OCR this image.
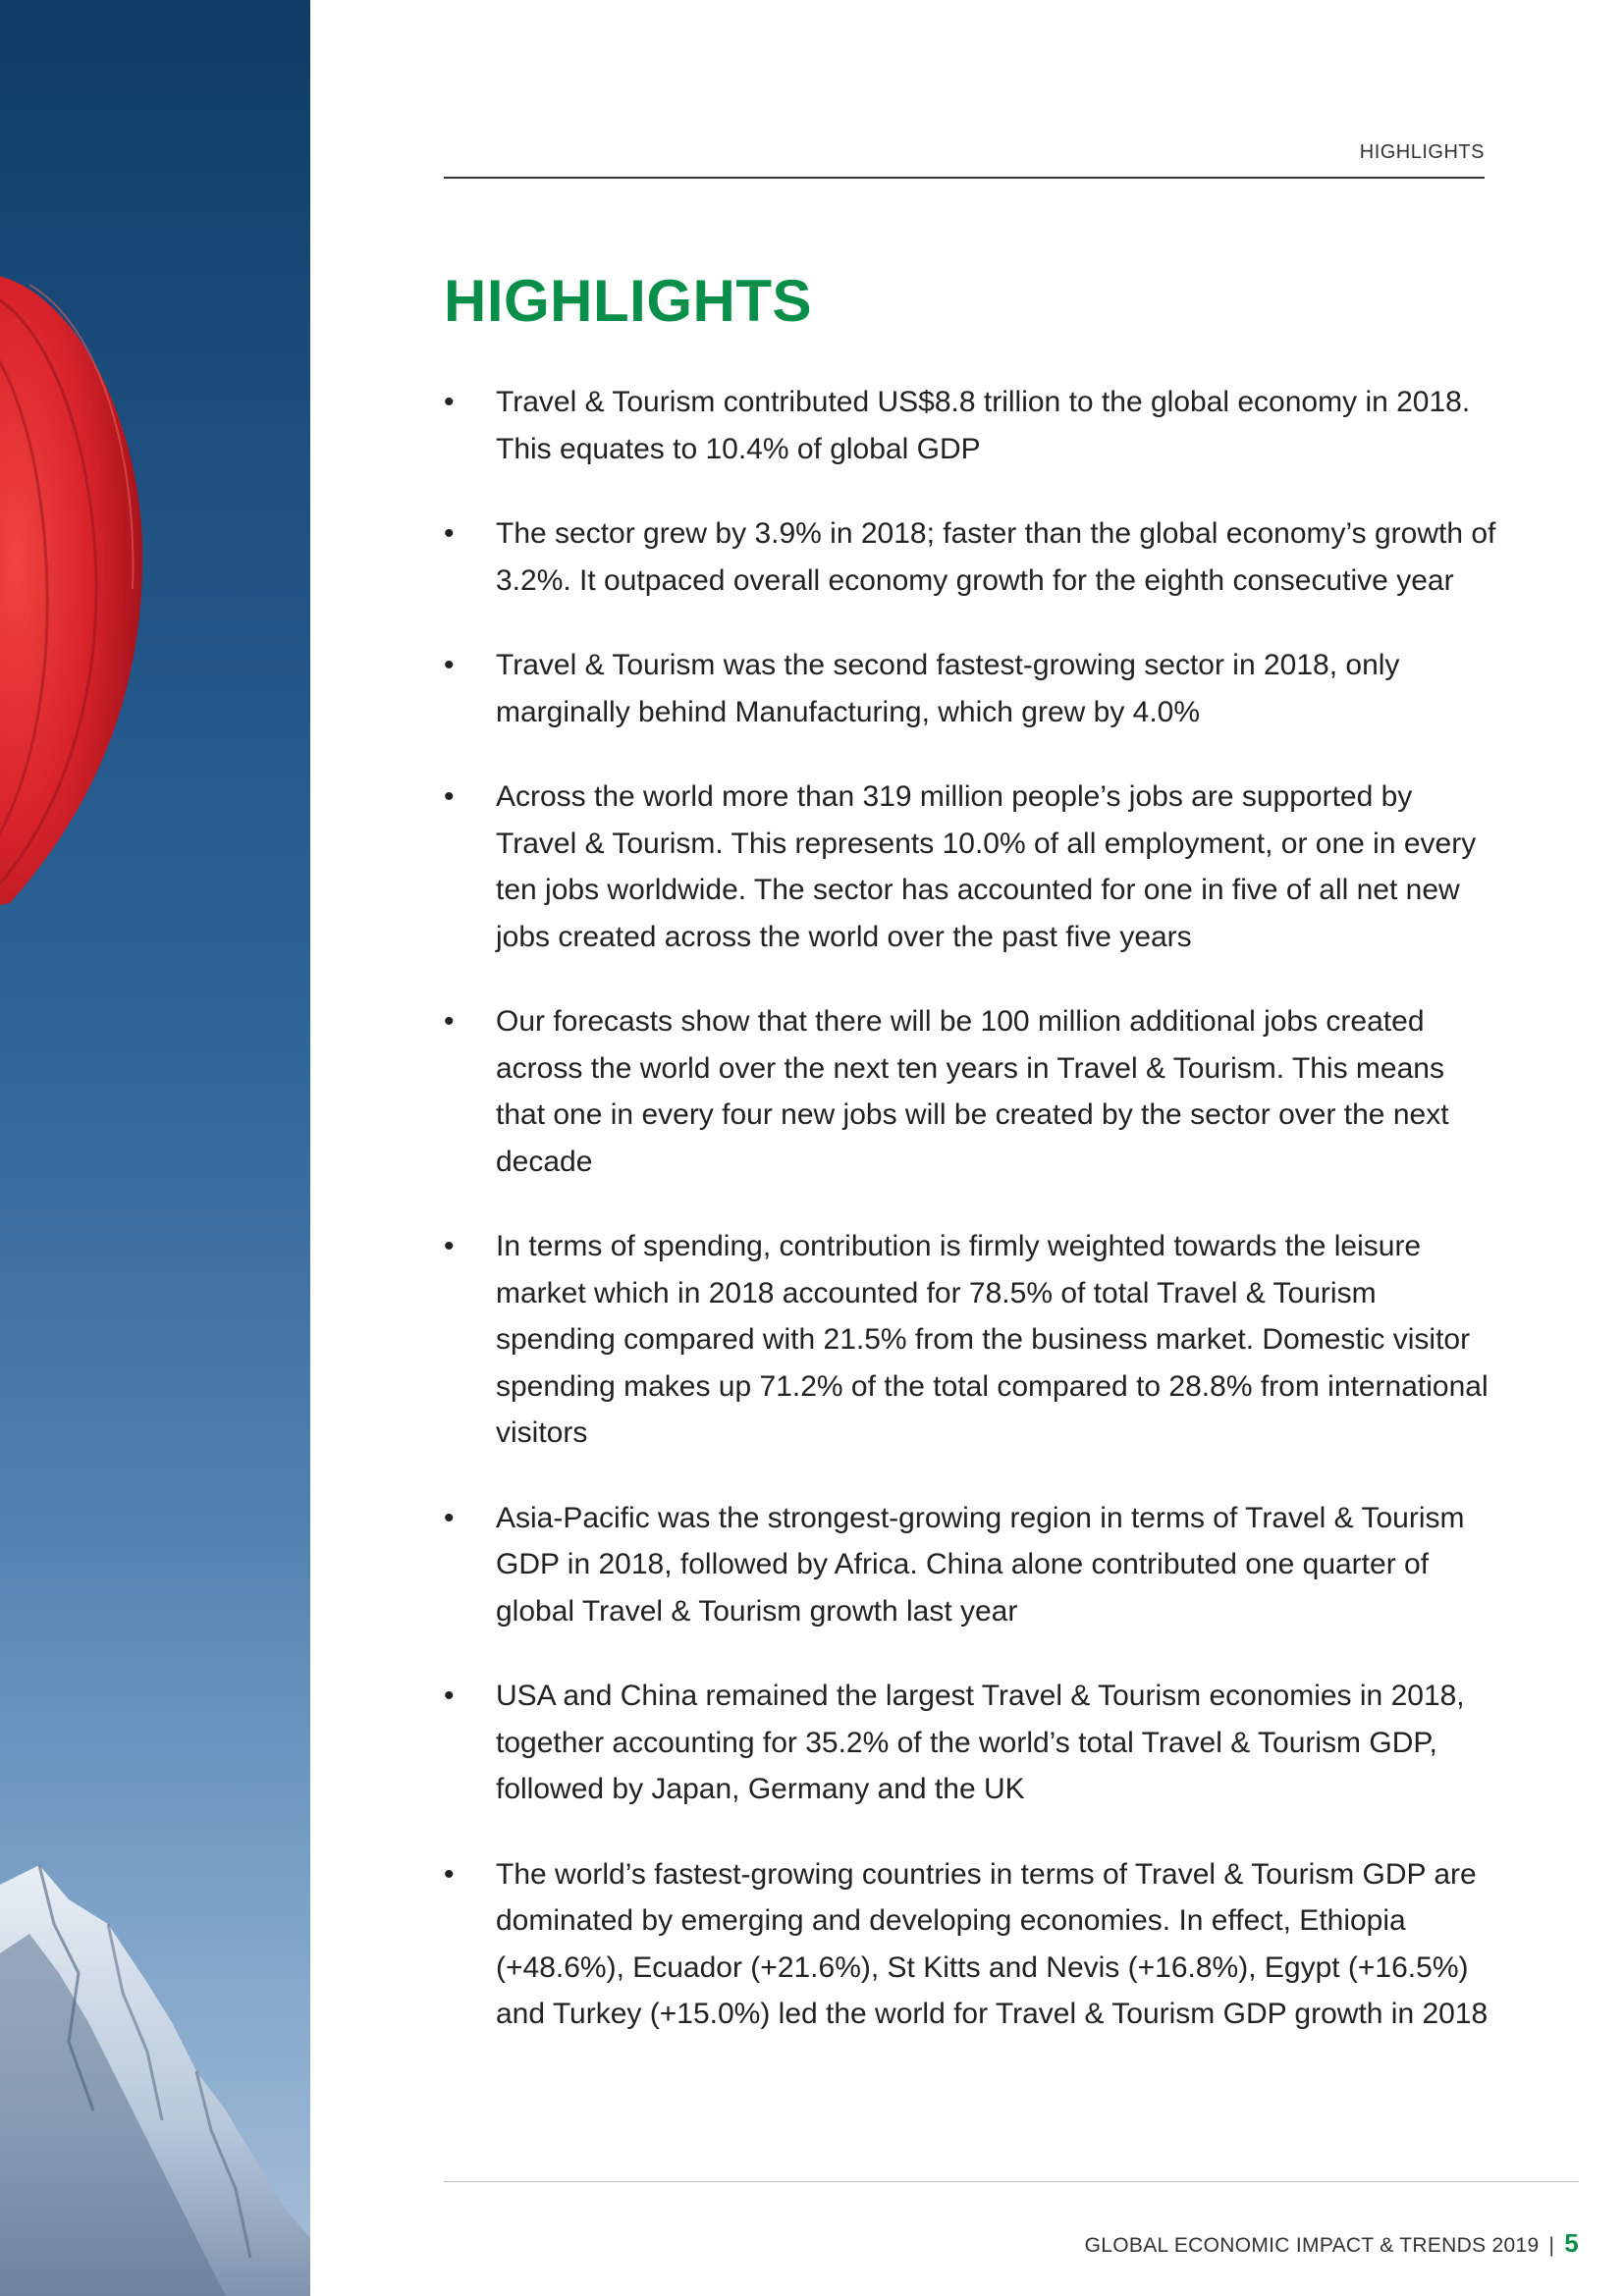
HIGHLIGHTS
HIGHLIGHTS
• Travel & Tourism contributed US$8.8 trillion to the global economy in 2018. This equates to 10.4% of global GDP
• The sector grew by 3.9% in 2018; faster than the global economy’s growth of 3.2%. It outpaced overall economy growth for the eighth consecutive year
• Travel & Tourism was the second fastest-growing sector in 2018, only marginally behind Manufacturing, which grew by 4.0%
• Across the world more than 319 million people’s jobs are supported by Travel & Tourism. This represents 10.0% of all employment, or one in every ten jobs worldwide. The sector has accounted for one in five of all net new jobs created across the world over the past five years
• Our forecasts show that there will be 100 million additional jobs created across the world over the next ten years in Travel & Tourism. This means that one in every four new jobs will be created by the sector over the next decade
• In terms of spending, contribution is firmly weighted towards the leisure market which in 2018 accounted for 78.5% of total Travel & Tourism spending compared with 21.5% from the business market. Domestic visitor spending makes up 71.2% of the total compared to 28.8% from international visitors
• Asia-Pacific was the strongest-growing region in terms of Travel & Tourism GDP in 2018, followed by Africa. China alone contributed one quarter of global Travel & Tourism growth last year
• USA and China remained the largest Travel & Tourism economies in 2018, together accounting for 35.2% of the world’s total Travel & Tourism GDP, followed by Japan, Germany and the UK
• The world’s fastest-growing countries in terms of Travel & Tourism GDP are dominated by emerging and developing economies. In effect, Ethiopia (+48.6%), Ecuador (+21.6%), St Kitts and Nevis (+16.8%), Egypt (+16.5%) and Turkey (+15.0%) led the world for Travel & Tourism GDP growth in 2018
GLOBAL ECONOMIC IMPACT & TRENDS 2019 | 5
